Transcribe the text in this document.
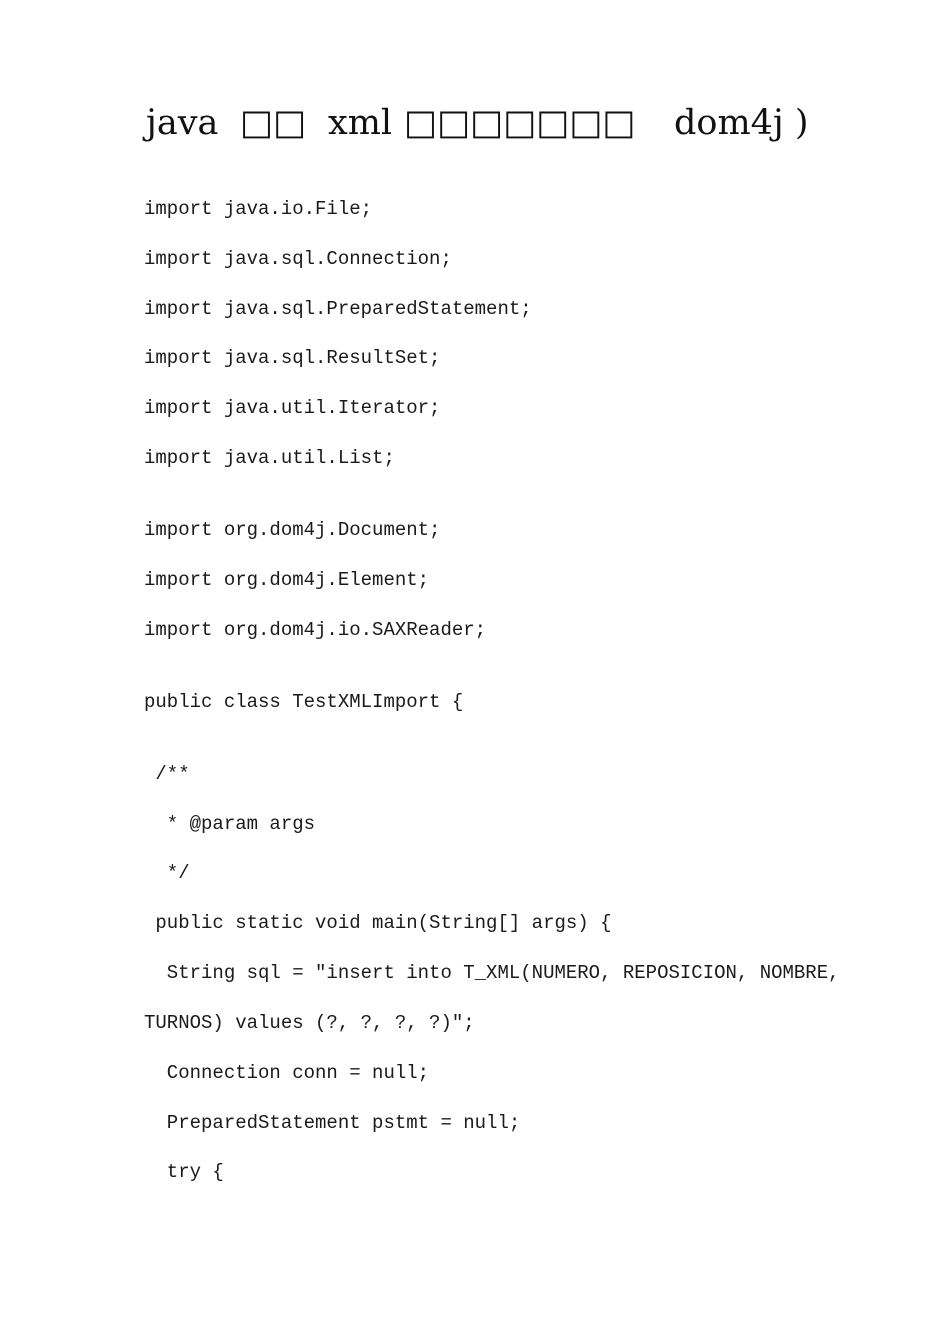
java

□□

xml

□□□□□□□

dom4j )

import java.io.File;
import java.sql.Connection;
import java.sql.PreparedStatement;
import java.sql.ResultSet;
import java.util.Iterator;
import java.util.List;
import org.dom4j.Document;
import org.dom4j.Element;
import org.dom4j.io.SAXReader;
public class TestXMLImport {
/**
* @param args
*/
public static void main(String[] args) {
String sql = "insert into T_XML(NUMERO, REPOSICION, NOMBRE,
TURNOS) values (?, ?, ?, ?)";
Connection conn = null;
PreparedStatement pstmt = null;
try {
